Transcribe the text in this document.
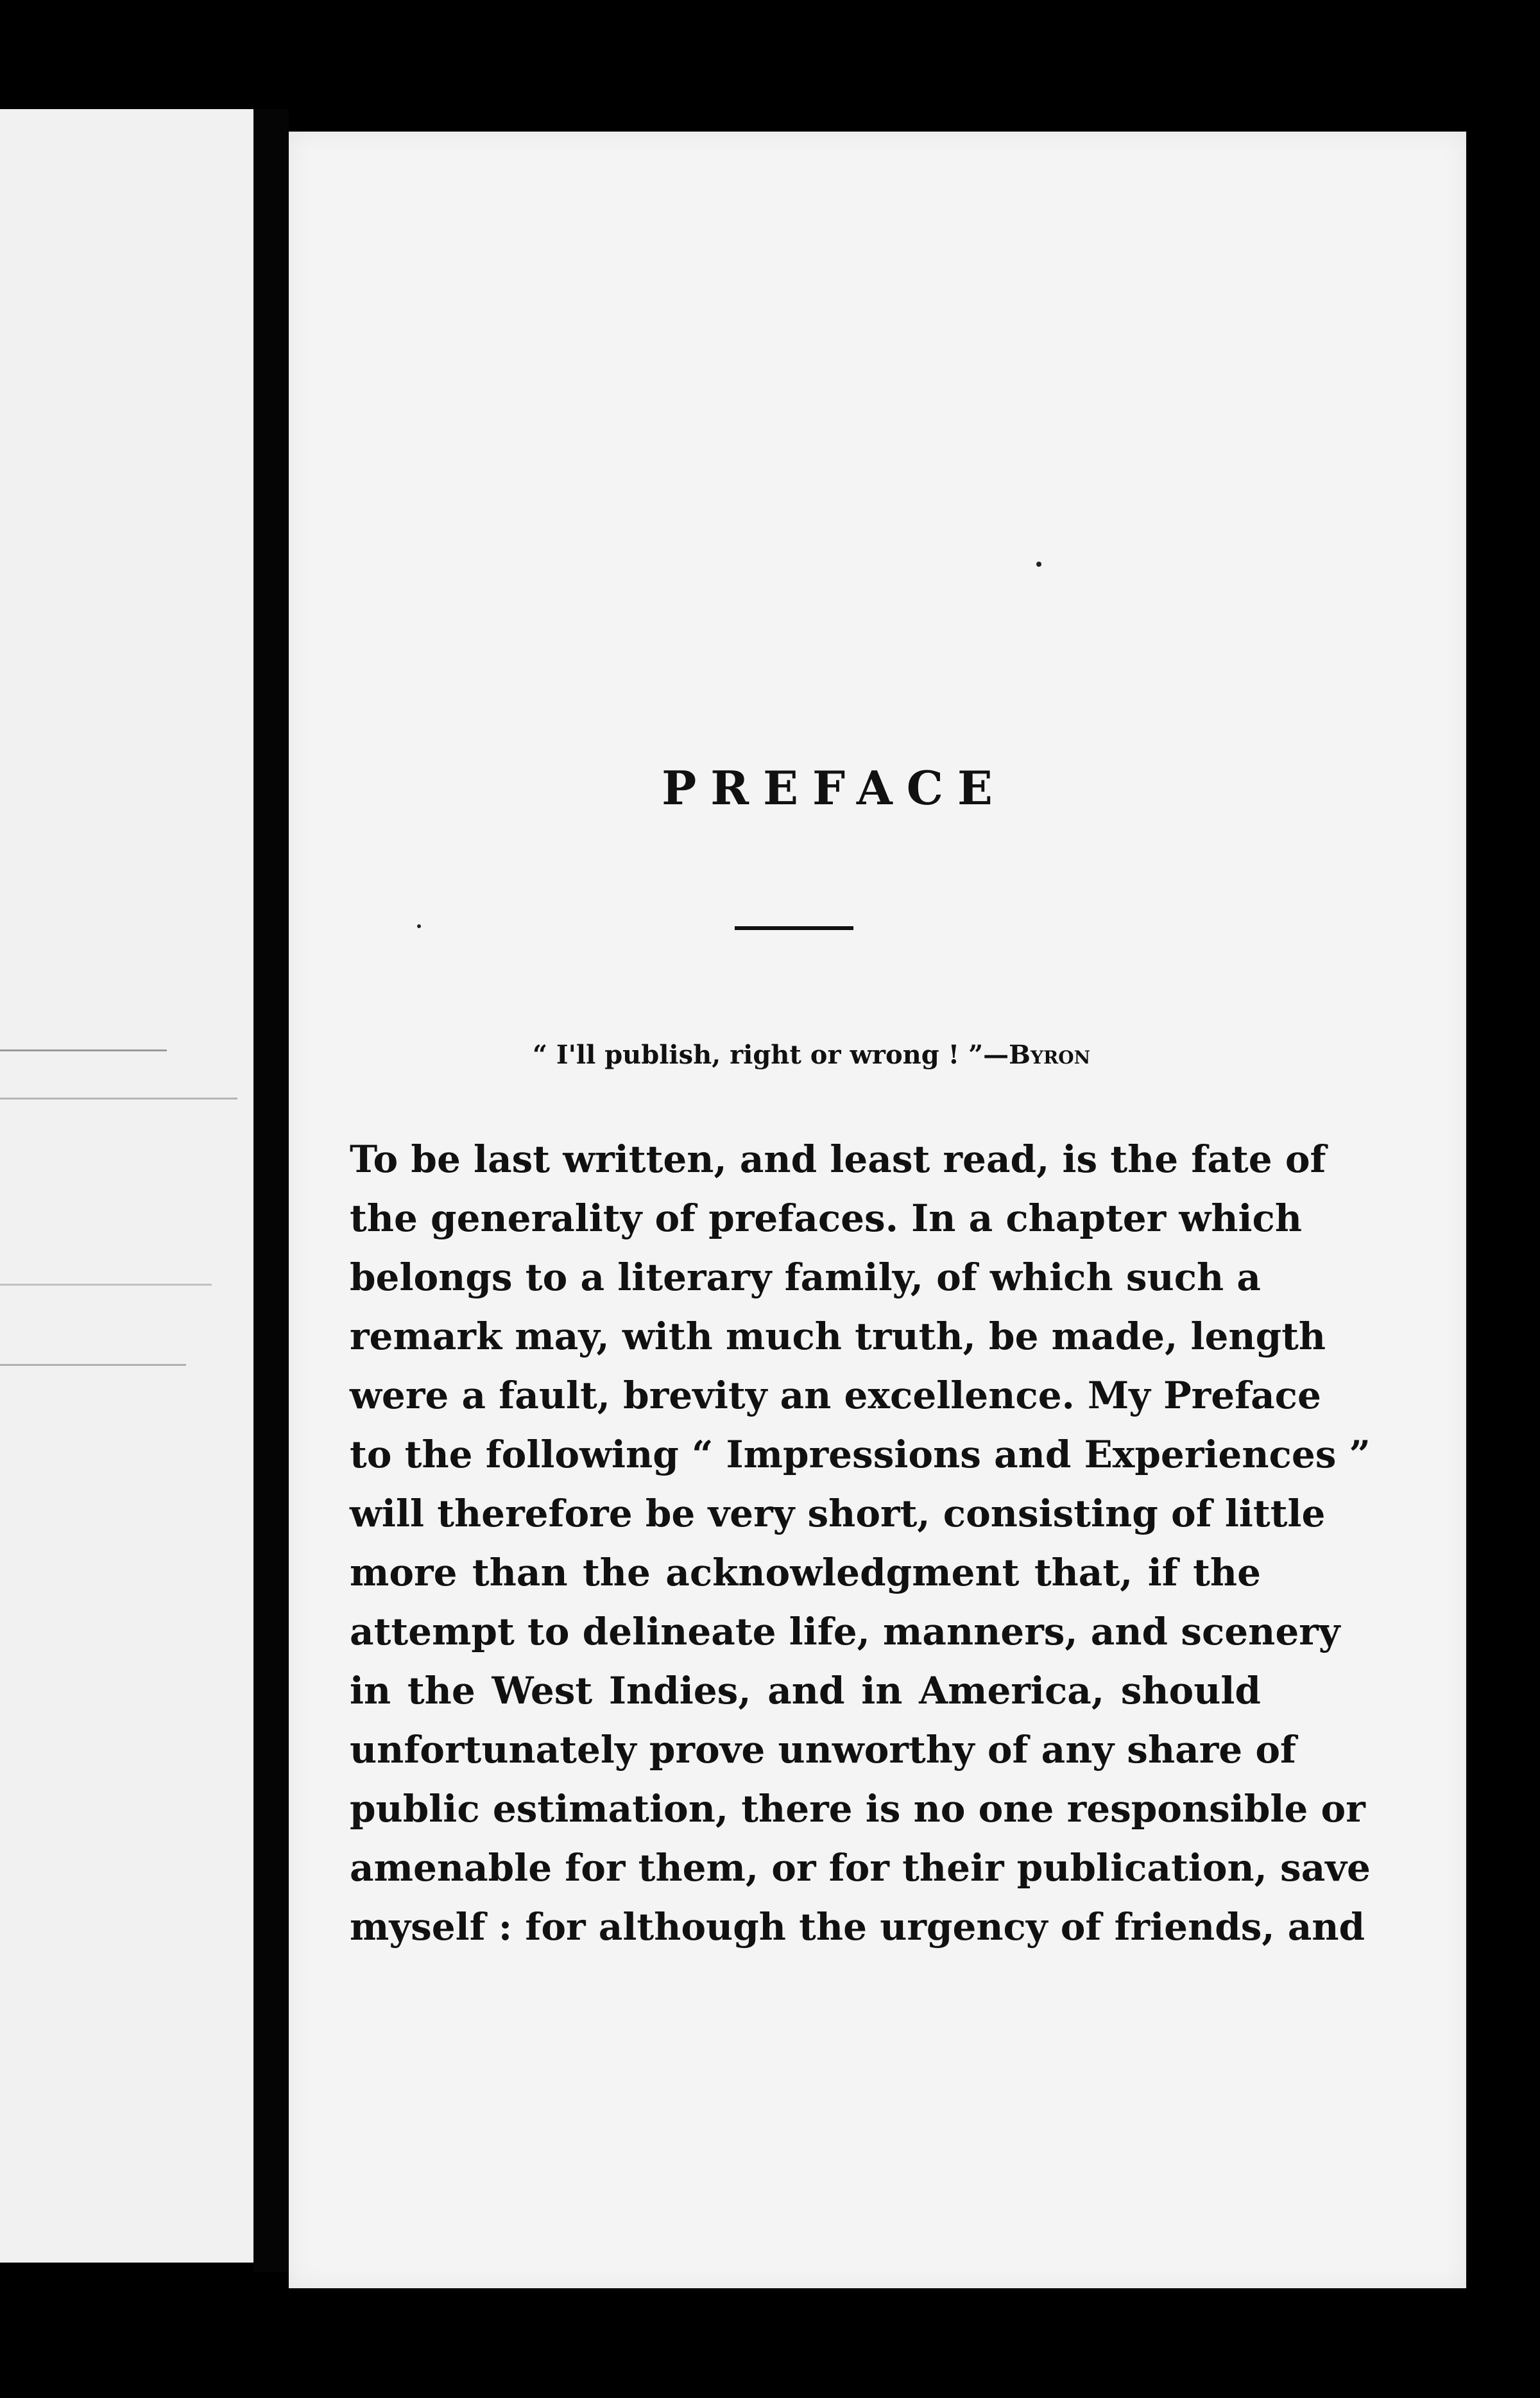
PREFACE
“ I'll publish, right or wrong ! ”—Byron
To be last written, and least read, is the fate of
the generality of prefaces. In a chapter which
belongs to a literary family, of which such a
remark may, with much truth, be made, length
were a fault, brevity an excellence. My Preface
to the following “ Impressions and Experiences ”
will therefore be very short, consisting of little
more than the acknowledgment that, if the
attempt to delineate life, manners, and scenery
in the West Indies, and in America, should
unfortunately prove unworthy of any share of
public estimation, there is no one responsible or
amenable for them, or for their publication, save
myself : for although the urgency of friends, and
